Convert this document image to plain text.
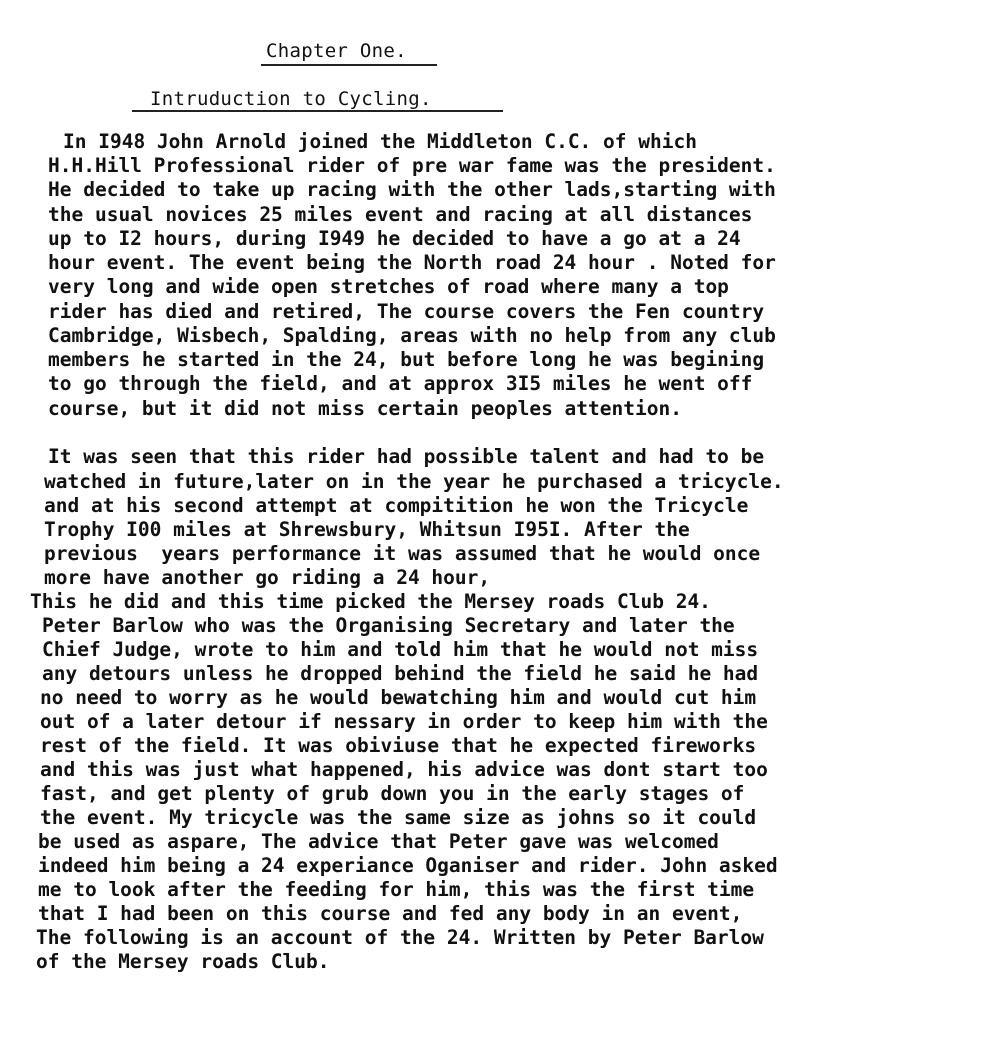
Chapter One.
Intruduction to Cycling.
In I948 John Arnold joined the Middleton C.C. of which
H.H.Hill Professional rider of pre war fame was the president.
He decided to take up racing with the other lads,starting with
the usual novices 25 miles event and racing at all distances
up to I2 hours, during I949 he decided to have a go at a 24
hour event. The event being the North road 24 hour . Noted for
very long and wide open stretches of road where many a top
rider has died and retired, The course covers the Fen country
Cambridge, Wisbech, Spalding, areas with no help from any club
members he started in the 24, but before long he was begining
to go through the field, and at approx 3I5 miles he went off
course, but it did not miss certain peoples attention.
It was seen that this rider had possible talent and had to be
watched in future,later on in the year he purchased a tricycle.
and at his second attempt at compitition he won the Tricycle
Trophy I00 miles at Shrewsbury, Whitsun I95I. After the
previous  years performance it was assumed that he would once
more have another go riding a 24 hour,
This he did and this time picked the Mersey roads Club 24.
Peter Barlow who was the Organising Secretary and later the
Chief Judge, wrote to him and told him that he would not miss
any detours unless he dropped behind the field he said he had
no need to worry as he would bewatching him and would cut him
out of a later detour if nessary in order to keep him with the
rest of the field. It was obiviuse that he expected fireworks
and this was just what happened, his advice was dont start too
fast, and get plenty of grub down you in the early stages of
the event. My tricycle was the same size as johns so it could
be used as aspare, The advice that Peter gave was welcomed
indeed him being a 24 experiance Oganiser and rider. John asked
me to look after the feeding for him, this was the first time
that I had been on this course and fed any body in an event,
The following is an account of the 24. Written by Peter Barlow
of the Mersey roads Club.
